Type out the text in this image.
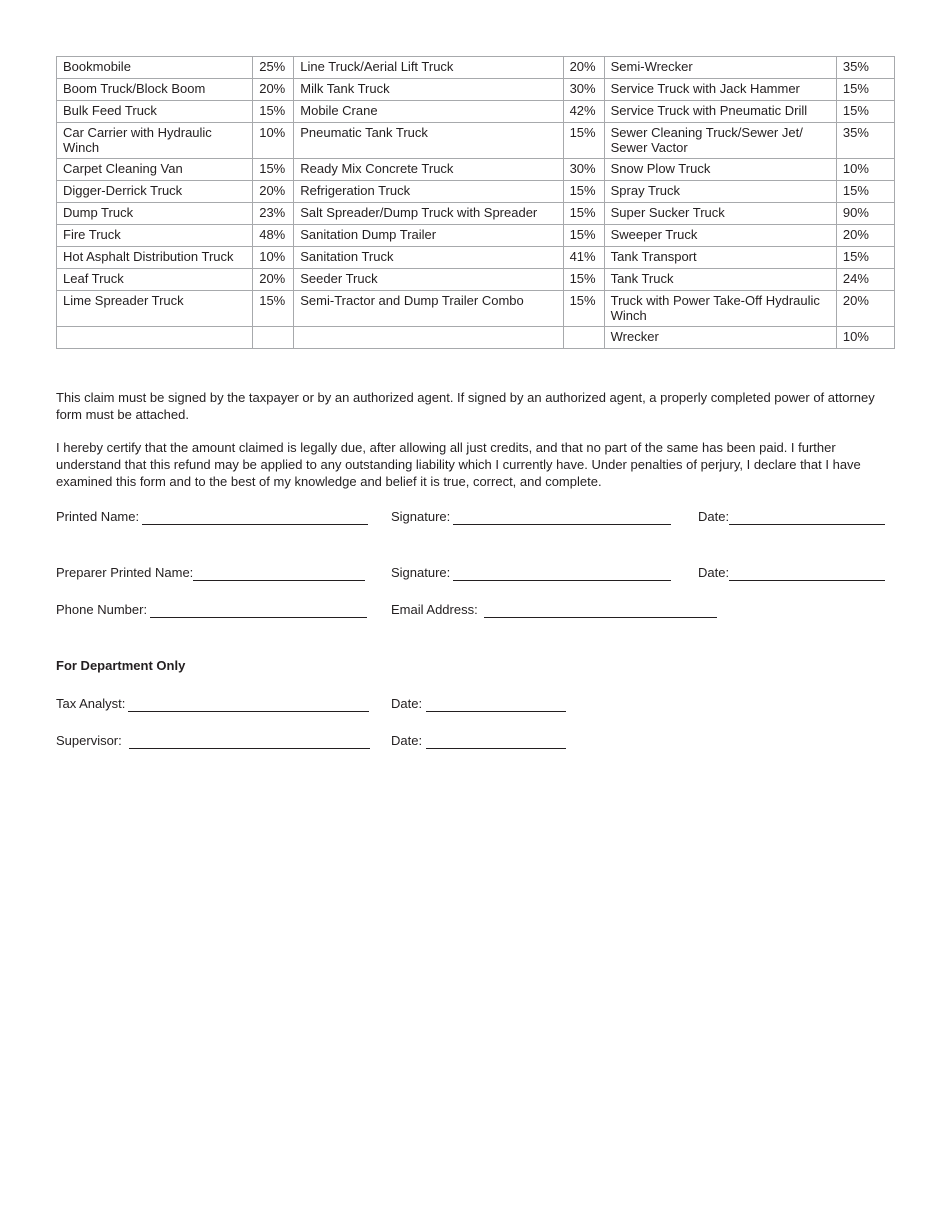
Bookmobile	25%	Line Truck/Aerial Lift Truck	20%	Semi-Wrecker	35%
Boom Truck/Block Boom	20%	Milk Tank Truck	30%	Service Truck with Jack Hammer	15%
Bulk Feed Truck	15%	Mobile Crane	42%	Service Truck with Pneumatic Drill	15%
Car Carrier with Hydraulic Winch	10%	Pneumatic Tank Truck	15%	Sewer Cleaning Truck/Sewer Jet/ Sewer Vactor	35%
Carpet Cleaning Van	15%	Ready Mix Concrete Truck	30%	Snow Plow Truck	10%
Digger-Derrick Truck	20%	Refrigeration Truck	15%	Spray Truck	15%
Dump Truck	23%	Salt Spreader/Dump Truck with Spreader	15%	Super Sucker Truck	90%
Fire Truck	48%	Sanitation Dump Trailer	15%	Sweeper Truck	20%
Hot Asphalt Distribution Truck	10%	Sanitation Truck	41%	Tank Transport	15%
Leaf Truck	20%	Seeder Truck	15%	Tank Truck	24%
Lime Spreader Truck	15%	Semi-Tractor and Dump Trailer Combo	15%	Truck with Power Take-Off Hydraulic Winch	20%
				Wrecker	10%

This claim must be signed by the taxpayer or by an authorized agent. If signed by an authorized agent, a properly completed power of attorney form must be attached.

I hereby certify that the amount claimed is legally due, after allowing all just credits, and that no part of the same has been paid. I further understand that this refund may be applied to any outstanding liability which I currently have. Under penalties of perjury, I declare that I have examined this form and to the best of my knowledge and belief it is true, correct, and complete.

Printed Name:	Signature:	Date:
Preparer Printed Name:	Signature:	Date:
Phone Number:	Email Address:

For Department Only

Tax Analyst:	Date:
Supervisor:	Date:
